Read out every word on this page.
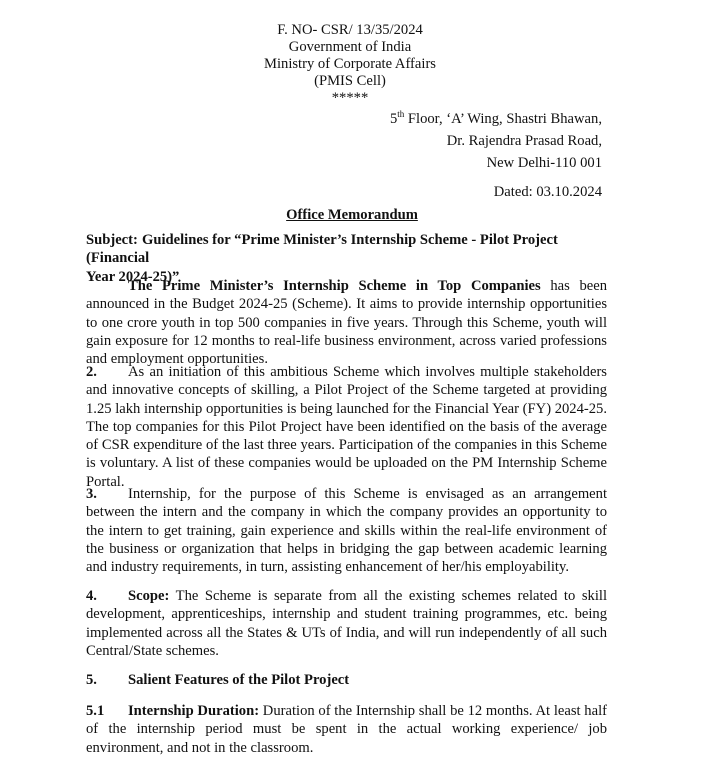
F. NO- CSR/ 13/35/2024
Government of India
Ministry of Corporate Affairs
(PMIS Cell)
*****
5th Floor, ‘A’ Wing, Shastri Bhawan,
Dr. Rajendra Prasad Road,
New Delhi-110 001
Dated: 03.10.2024
Office Memorandum
Subject: Guidelines for “Prime Minister’s Internship Scheme - Pilot Project (Financial
Year 2024-25)”
The Prime Minister’s Internship Scheme in Top Companies has been announced in the Budget 2024-25 (Scheme). It aims to provide internship opportunities to one crore youth in top 500 companies in five years. Through this Scheme, youth will gain exposure for 12 months to real-life business environment, across varied professions and employment opportunities.
2. As an initiation of this ambitious Scheme which involves multiple stakeholders and innovative concepts of skilling, a Pilot Project of the Scheme targeted at providing 1.25 lakh internship opportunities is being launched for the Financial Year (FY) 2024-25. The top companies for this Pilot Project have been identified on the basis of the average of CSR expenditure of the last three years. Participation of the companies in this Scheme is voluntary. A list of these companies would be uploaded on the PM Internship Scheme Portal.
3. Internship, for the purpose of this Scheme is envisaged as an arrangement between the intern and the company in which the company provides an opportunity to the intern to get training, gain experience and skills within the real-life environment of the business or organization that helps in bridging the gap between academic learning and industry requirements, in turn, assisting enhancement of her/his employability.
4. Scope: The Scheme is separate from all the existing schemes related to skill development, apprenticeships, internship and student training programmes, etc. being implemented across all the States & UTs of India, and will run independently of all such Central/State schemes.
5. Salient Features of the Pilot Project
5.1 Internship Duration: Duration of the Internship shall be 12 months. At least half of the internship period must be spent in the actual working experience/ job environment, and not in the classroom.
